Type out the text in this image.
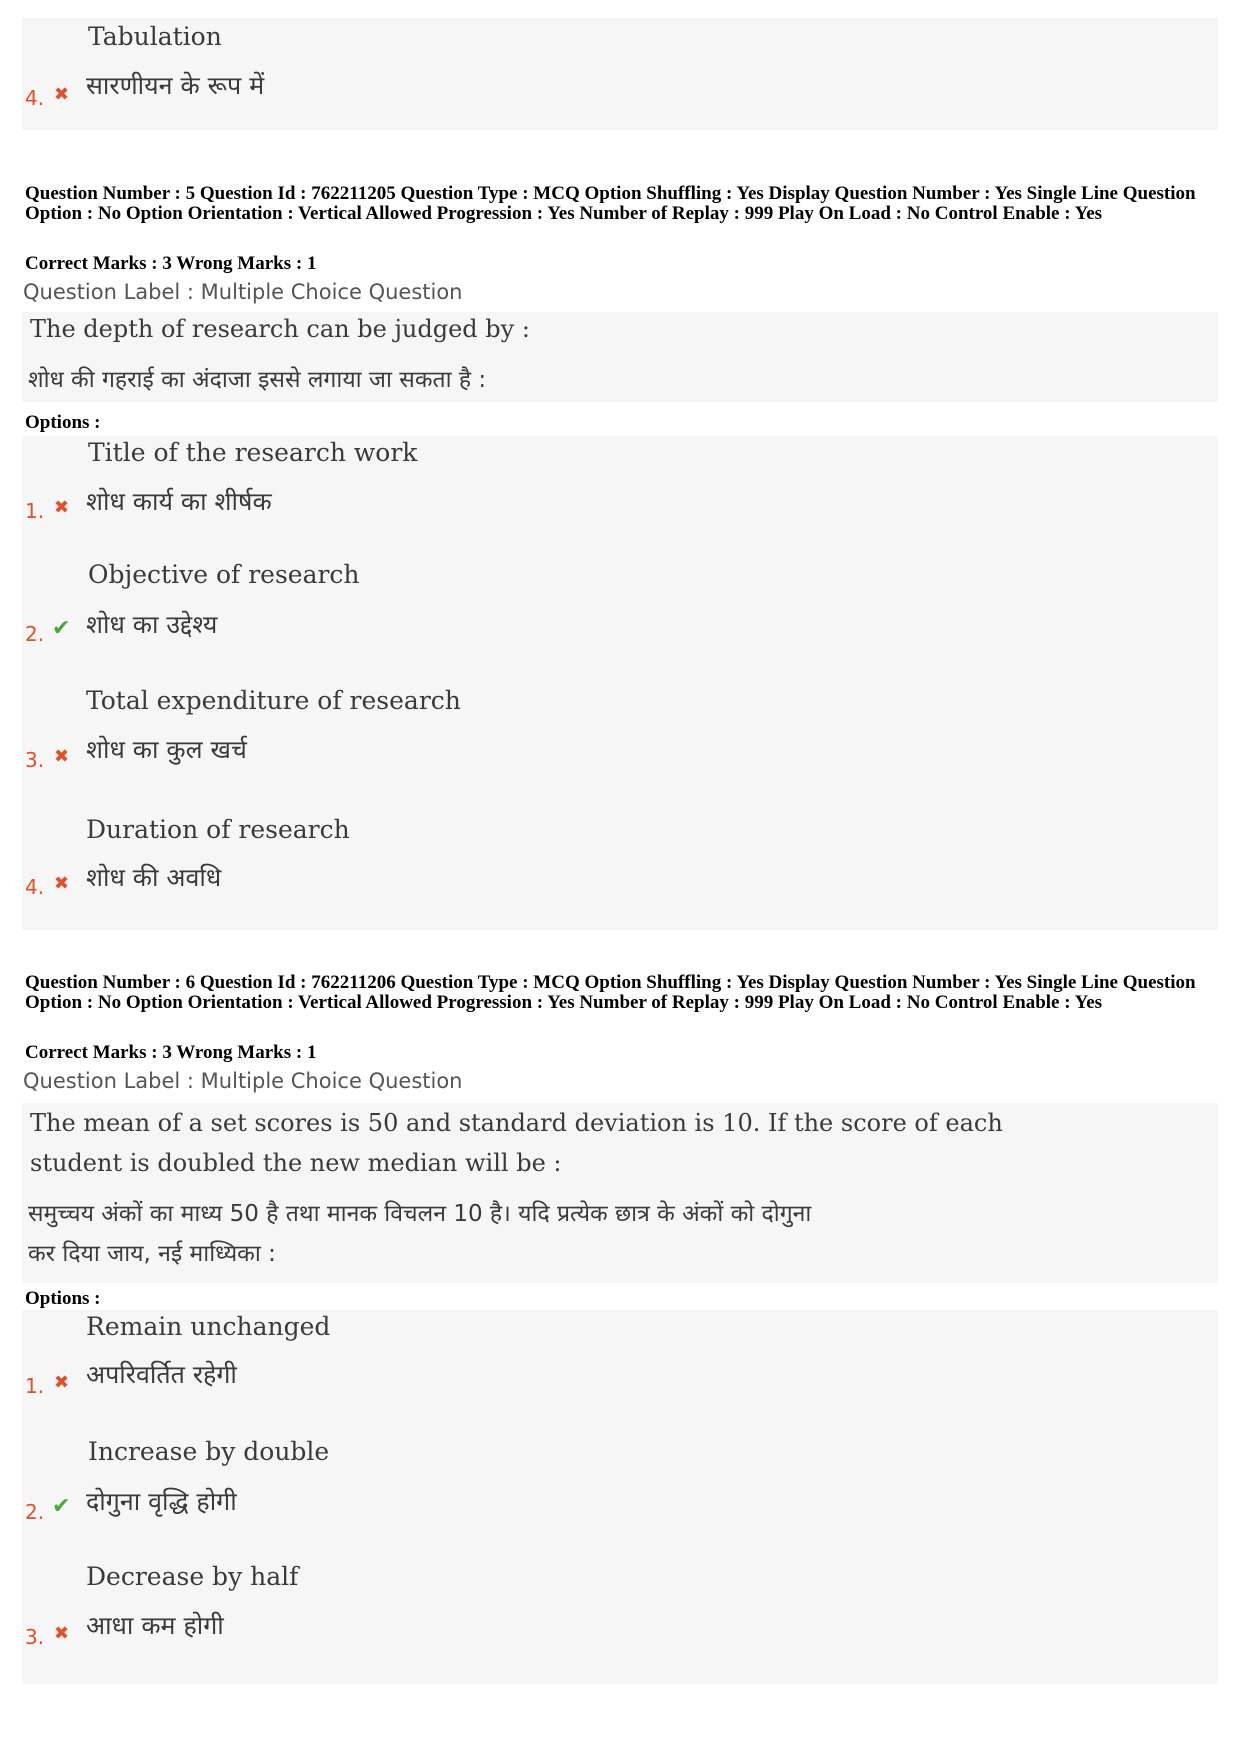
Tabulation
4. ✖ सारणीयन के रूप में
Question Number : 5 Question Id : 762211205 Question Type : MCQ Option Shuffling : Yes Display Question Number : Yes Single Line Question Option : No Option Orientation : Vertical Allowed Progression : Yes Number of Replay : 999 Play On Load : No Control Enable : Yes
Correct Marks : 3 Wrong Marks : 1
Question Label : Multiple Choice Question
The depth of research can be judged by :
शोध की गहराई का अंदाजा इससे लगाया जा सकता है :
Options :
Title of the research work
1. ✖ शोध कार्य का शीर्षक
Objective of research
2. ✔ शोध का उद्देश्य
Total expenditure of research
3. ✖ शोध का कुल खर्च
Duration of research
4. ✖ शोध की अवधि
Question Number : 6 Question Id : 762211206 Question Type : MCQ Option Shuffling : Yes Display Question Number : Yes Single Line Question Option : No Option Orientation : Vertical Allowed Progression : Yes Number of Replay : 999 Play On Load : No Control Enable : Yes
Correct Marks : 3 Wrong Marks : 1
Question Label : Multiple Choice Question
The mean of a set scores is 50 and standard deviation is 10. If the score of each
student is doubled the new median will be :
समुच्चय अंकों का माध्य 50 है तथा मानक विचलन 10 है। यदि प्रत्येक छात्र के अंकों को दोगुना
कर दिया जाय, नई माध्यिका :
Options :
Remain unchanged
1. ✖ अपरिवर्तित रहेगी
Increase by double
2. ✔ दोगुना वृद्धि होगी
Decrease by half
3. ✖ आधा कम होगी
